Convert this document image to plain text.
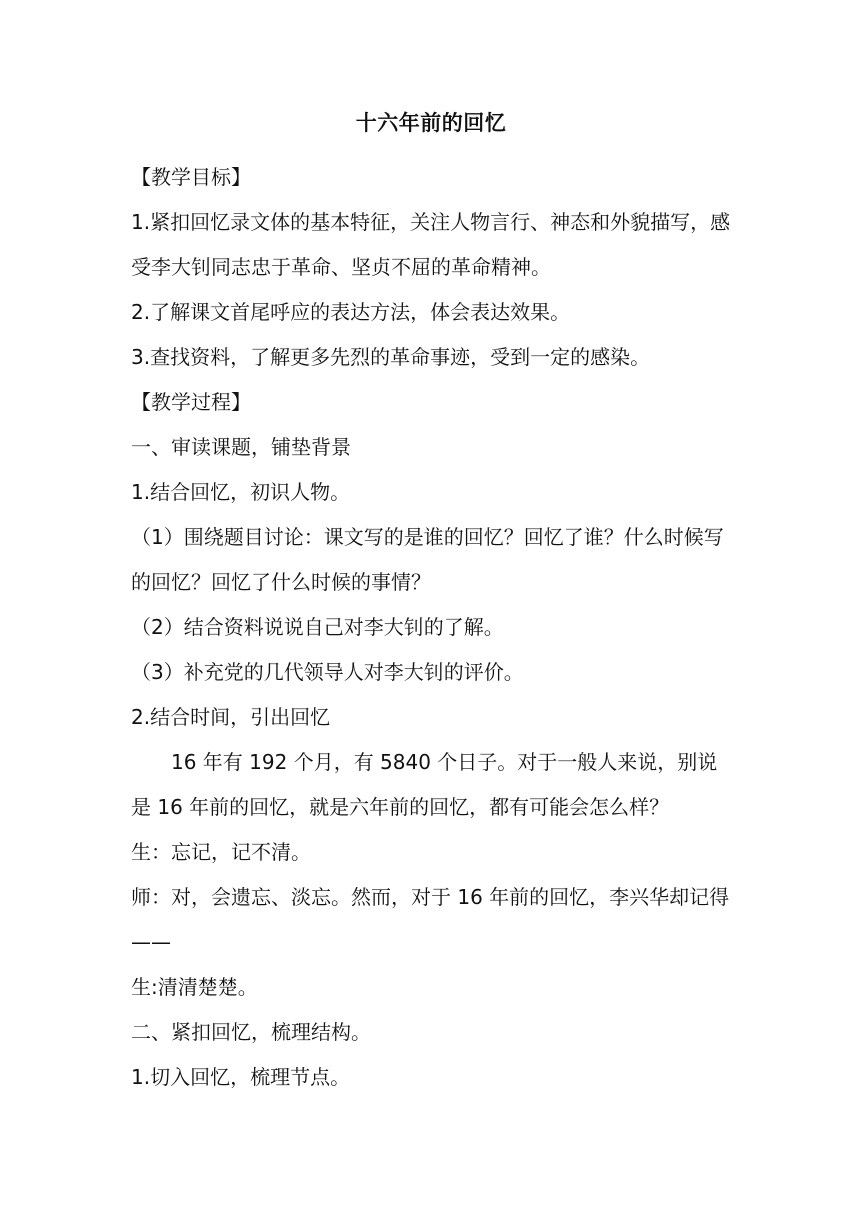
十六年前的回忆

【教学目标】

1.紧扣回忆录文体的基本特征，关注人物言行、神态和外貌描写，感受李大钊同志忠于革命、坚贞不屈的革命精神。

2.了解课文首尾呼应的表达方法，体会表达效果。

3.查找资料，了解更多先烈的革命事迹，受到一定的感染。

【教学过程】

一、审读课题，铺垫背景

1.结合回忆，初识人物。

（1）围绕题目讨论：课文写的是谁的回忆？回忆了谁？什么时候写的回忆？回忆了什么时候的事情？

（2）结合资料说说自己对李大钊的了解。

（3）补充党的几代领导人对李大钊的评价。

2.结合时间，引出回忆

16 年有 192 个月，有 5840 个日子。对于一般人来说，别说是 16 年前的回忆，就是六年前的回忆，都有可能会怎么样？

生：忘记，记不清。

师：对，会遗忘、淡忘。然而，对于 16 年前的回忆，李兴华却记得——

生:清清楚楚。

二、紧扣回忆，梳理结构。

1.切入回忆，梳理节点。
